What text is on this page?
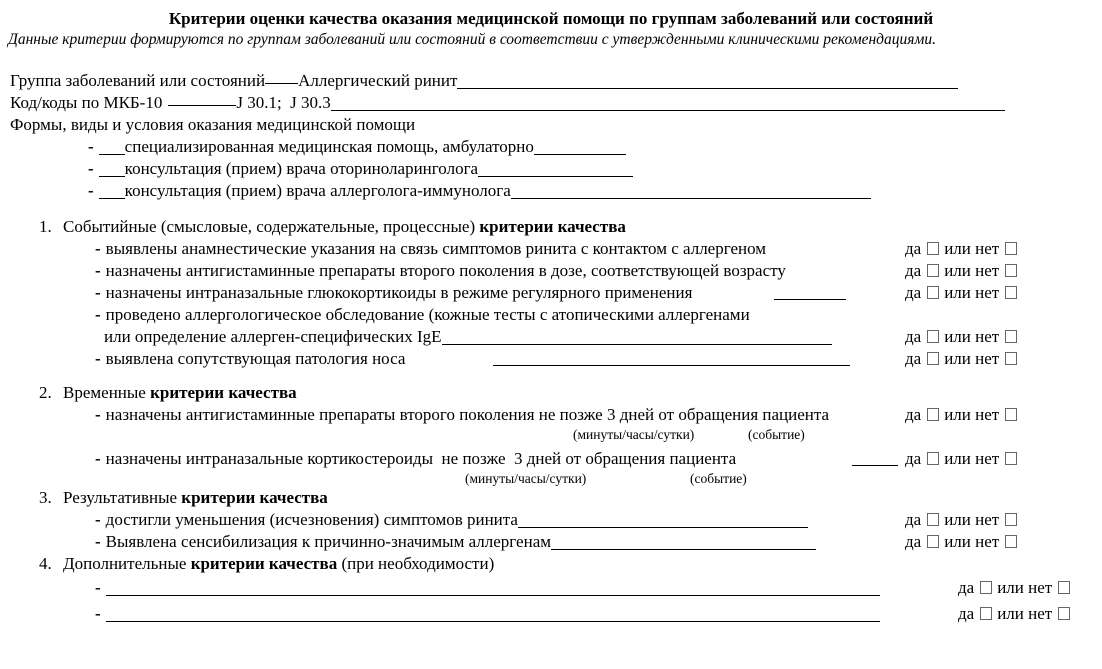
Критерии оценки качества оказания медицинской помощи по группам заболеваний или состояний
Данные критерии формируются по группам заболеваний или состояний в соответствии с утвержденными клиническими рекомендациями.
Группа заболеваний или состояний Аллергический ринит
Код/коды по МКБ-10	J 30.1;  J 30.3
Формы, виды и условия оказания медицинской помощи
- специализированная медицинская помощь, амбулаторно
- консультация (прием) врача оториноларинголога
- консультация (прием) врача аллерголога-иммунолога
1. Событийные (смысловые, содержательные, процессные) критерии качества
- выявлены анамнестические указания на связь симптомов ринита с контактом с аллергеном	да или нет
- назначены антигистаминные препараты второго поколения в дозе, соответствующей возрасту	да или нет
- назначены интраназальные глюкокортикоиды в режиме регулярного применения	да или нет
- проведено аллергологическое обследование (кожные тесты с атопическими аллергенами
или определение аллерген-специфических IgE	да или нет
- выявлена сопутствующая патология носа	да или нет
2. Временные критерии качества
- назначены антигистаминные препараты второго поколения не позже 3 дней от обращения пациента	да или нет
(минуты/часы/сутки)	(событие)
- назначены интраназальные кортикостероиды  не позже  3 дней от обращения пациента	да или нет
(минуты/часы/сутки)	(событие)
3. Результативные критерии качества
- достигли уменьшения (исчезновения) симптомов ринита	да или нет
- Выявлена сенсибилизация к причинно-значимым аллергенам	да или нет
4. Дополнительные критерии качества (при необходимости)
-	да или нет
-	да или нет
